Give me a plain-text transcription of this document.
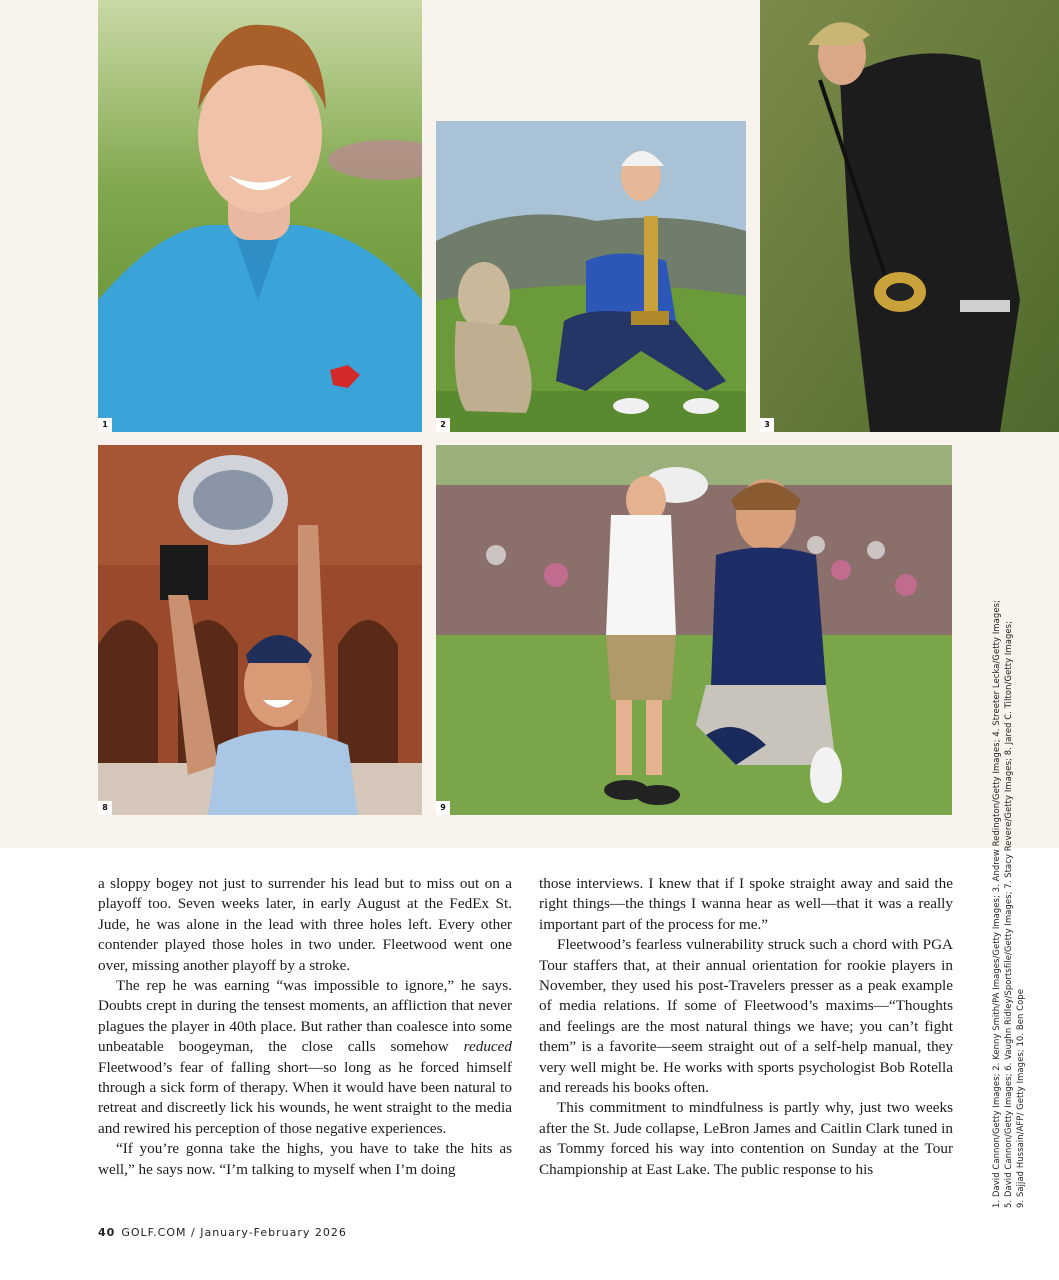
1	2	3
8	9	1. David Cannon/Getty Images; 2. Kenny Smith/PA Images/Getty Images; 3. Andrew Redington/Getty Images; 4. Streeter Lecka/Getty Images; 5. David Cannon/Getty Images; 6. Vaughn Ridley/Sportsfile/Getty Images; 7. Stacy Revere/Getty Images; 8. Jared C. Tilton/Getty Images; 9. Sajjad Hussain/AFP/ Getty Images; 10. Ben Cope

a sloppy bogey not just to surrender his lead but to miss out on a playoff too. Seven weeks later, in early August at the FedEx St. Jude, he was alone in the lead with three holes left. Every other contender played those holes in two under. Fleetwood went one over, missing another playoff by a stroke.

The rep he was earning “was impossible to ignore,” he says. Doubts crept in during the tensest moments, an affliction that never plagues the player in 40th place. But rather than coalesce into some unbeatable boogeyman, the close calls somehow reduced Fleetwood’s fear of falling short—so long as he forced himself through a sick form of therapy. When it would have been natural to retreat and discreetly lick his wounds, he went straight to the media and rewired his perception of those negative experiences.

“If you’re gonna take the highs, you have to take the hits as well,” he says now. “I’m talking to myself when I’m doing

those interviews. I knew that if I spoke straight away and said the right things—the things I wanna hear as well—that it was a really important part of the process for me.”

Fleetwood’s fearless vulnerability struck such a chord with PGA Tour staffers that, at their annual orientation for rookie players in November, they used his post-Travelers presser as a peak example of media relations. If some of Fleetwood’s maxims—“Thoughts and feelings are the most natural things we have; you can’t fight them” is a favorite—seem straight out of a self-help manual, they very well might be. He works with sports psychologist Bob Rotella and rereads his books often.

This commitment to mindfulness is partly why, just two weeks after the St. Jude collapse, LeBron James and Caitlin Clark tuned in as Tommy forced his way into contention on Sunday at the Tour Championship at East Lake. The public response to his

40 GOLF.COM / January-February 2026
